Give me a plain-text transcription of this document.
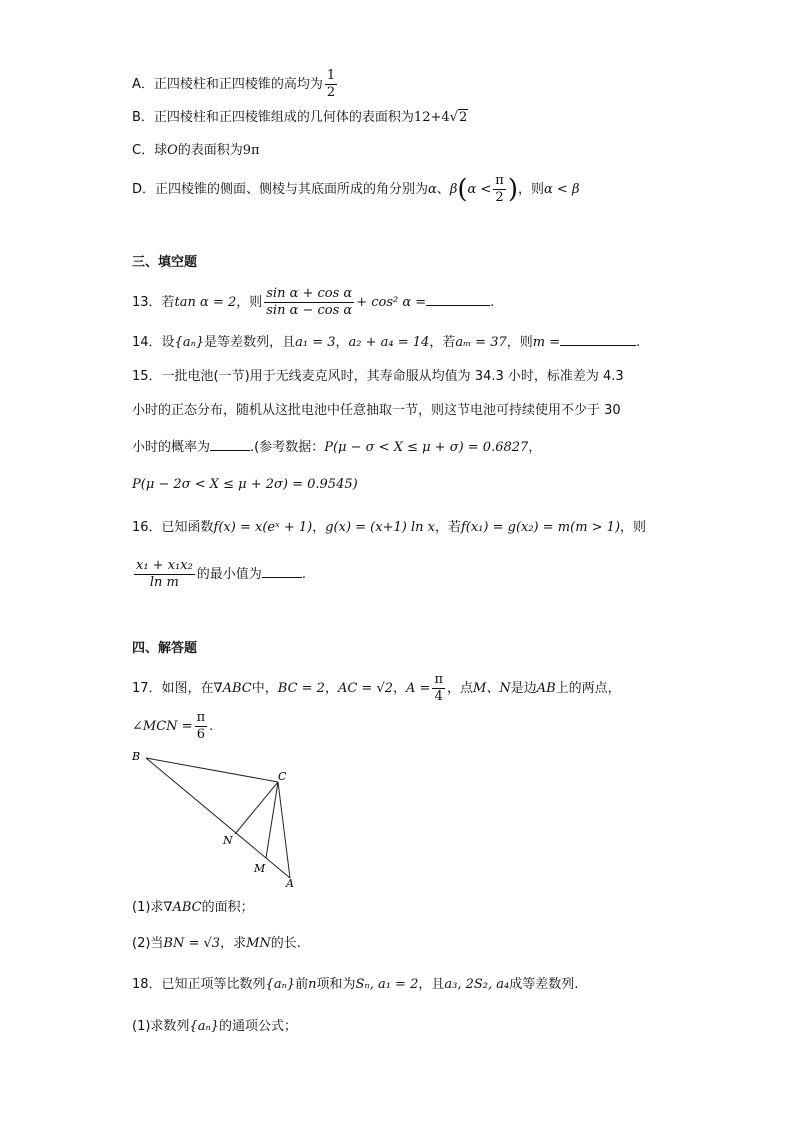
A．正四棱柱和正四棱锥的高均为 $\frac{1}{2}$
B．正四棱柱和正四棱锥组成的几何体的表面积为12+4√2
C．球O的表面积为9π
D．正四棱锥的侧面、侧棱与其底面所成的角分别为α、$\beta(\alpha < \frac{\pi}{2}$ )，则α < β
三、填空题
13．若tan α = 2，则 $\frac{\text{sin α + cos α}}{\text{sin α − cos α}} + \cos^2$ α =	.
14．设{aₙ}是等差数列，且a₁ = 3，a₂ + a₄ = 14，若aₘ = 37，则m =	.
15．一批电池(一节)用于无线麦克风时，其寿命服从均值为 34.3 小时，标准差为 4.3
小时的正态分布，随机从这批电池中任意抽取一节，则这节电池可持续使用不少于 30
小时的概率为	.(参考数据：P(μ − σ < X ≤ μ + σ) = 0.6827，
P(μ − 2σ < X ≤ μ + 2σ) = 0.9545)
16．已知函数f(x) = x(eˣ + 1)，g(x) = (x+1) ln x，若f(x₁) = g(x₂) = m(m > 1)，则
$\frac{\text{x₁ + x₁x₂}}{\text{ln m}}$ 的最小值为	.
四、解答题
17．如图，在∇ABC中，BC = 2，AC = √2，$A = \frac{\pi}{4}$ ，点M、N是边AB上的两点，
∠MCN = $\frac{\pi}{6}$ .
B
C
N
M
A
(1)求∇ABC的面积；
(2)当BN = √3，求MN的长.
18．已知正项等比数列{aₙ}前n项和为Sₙ, a₁ = 2，且a₃, 2S₂, a₄成等差数列.
(1)求数列{aₙ}的通项公式；
